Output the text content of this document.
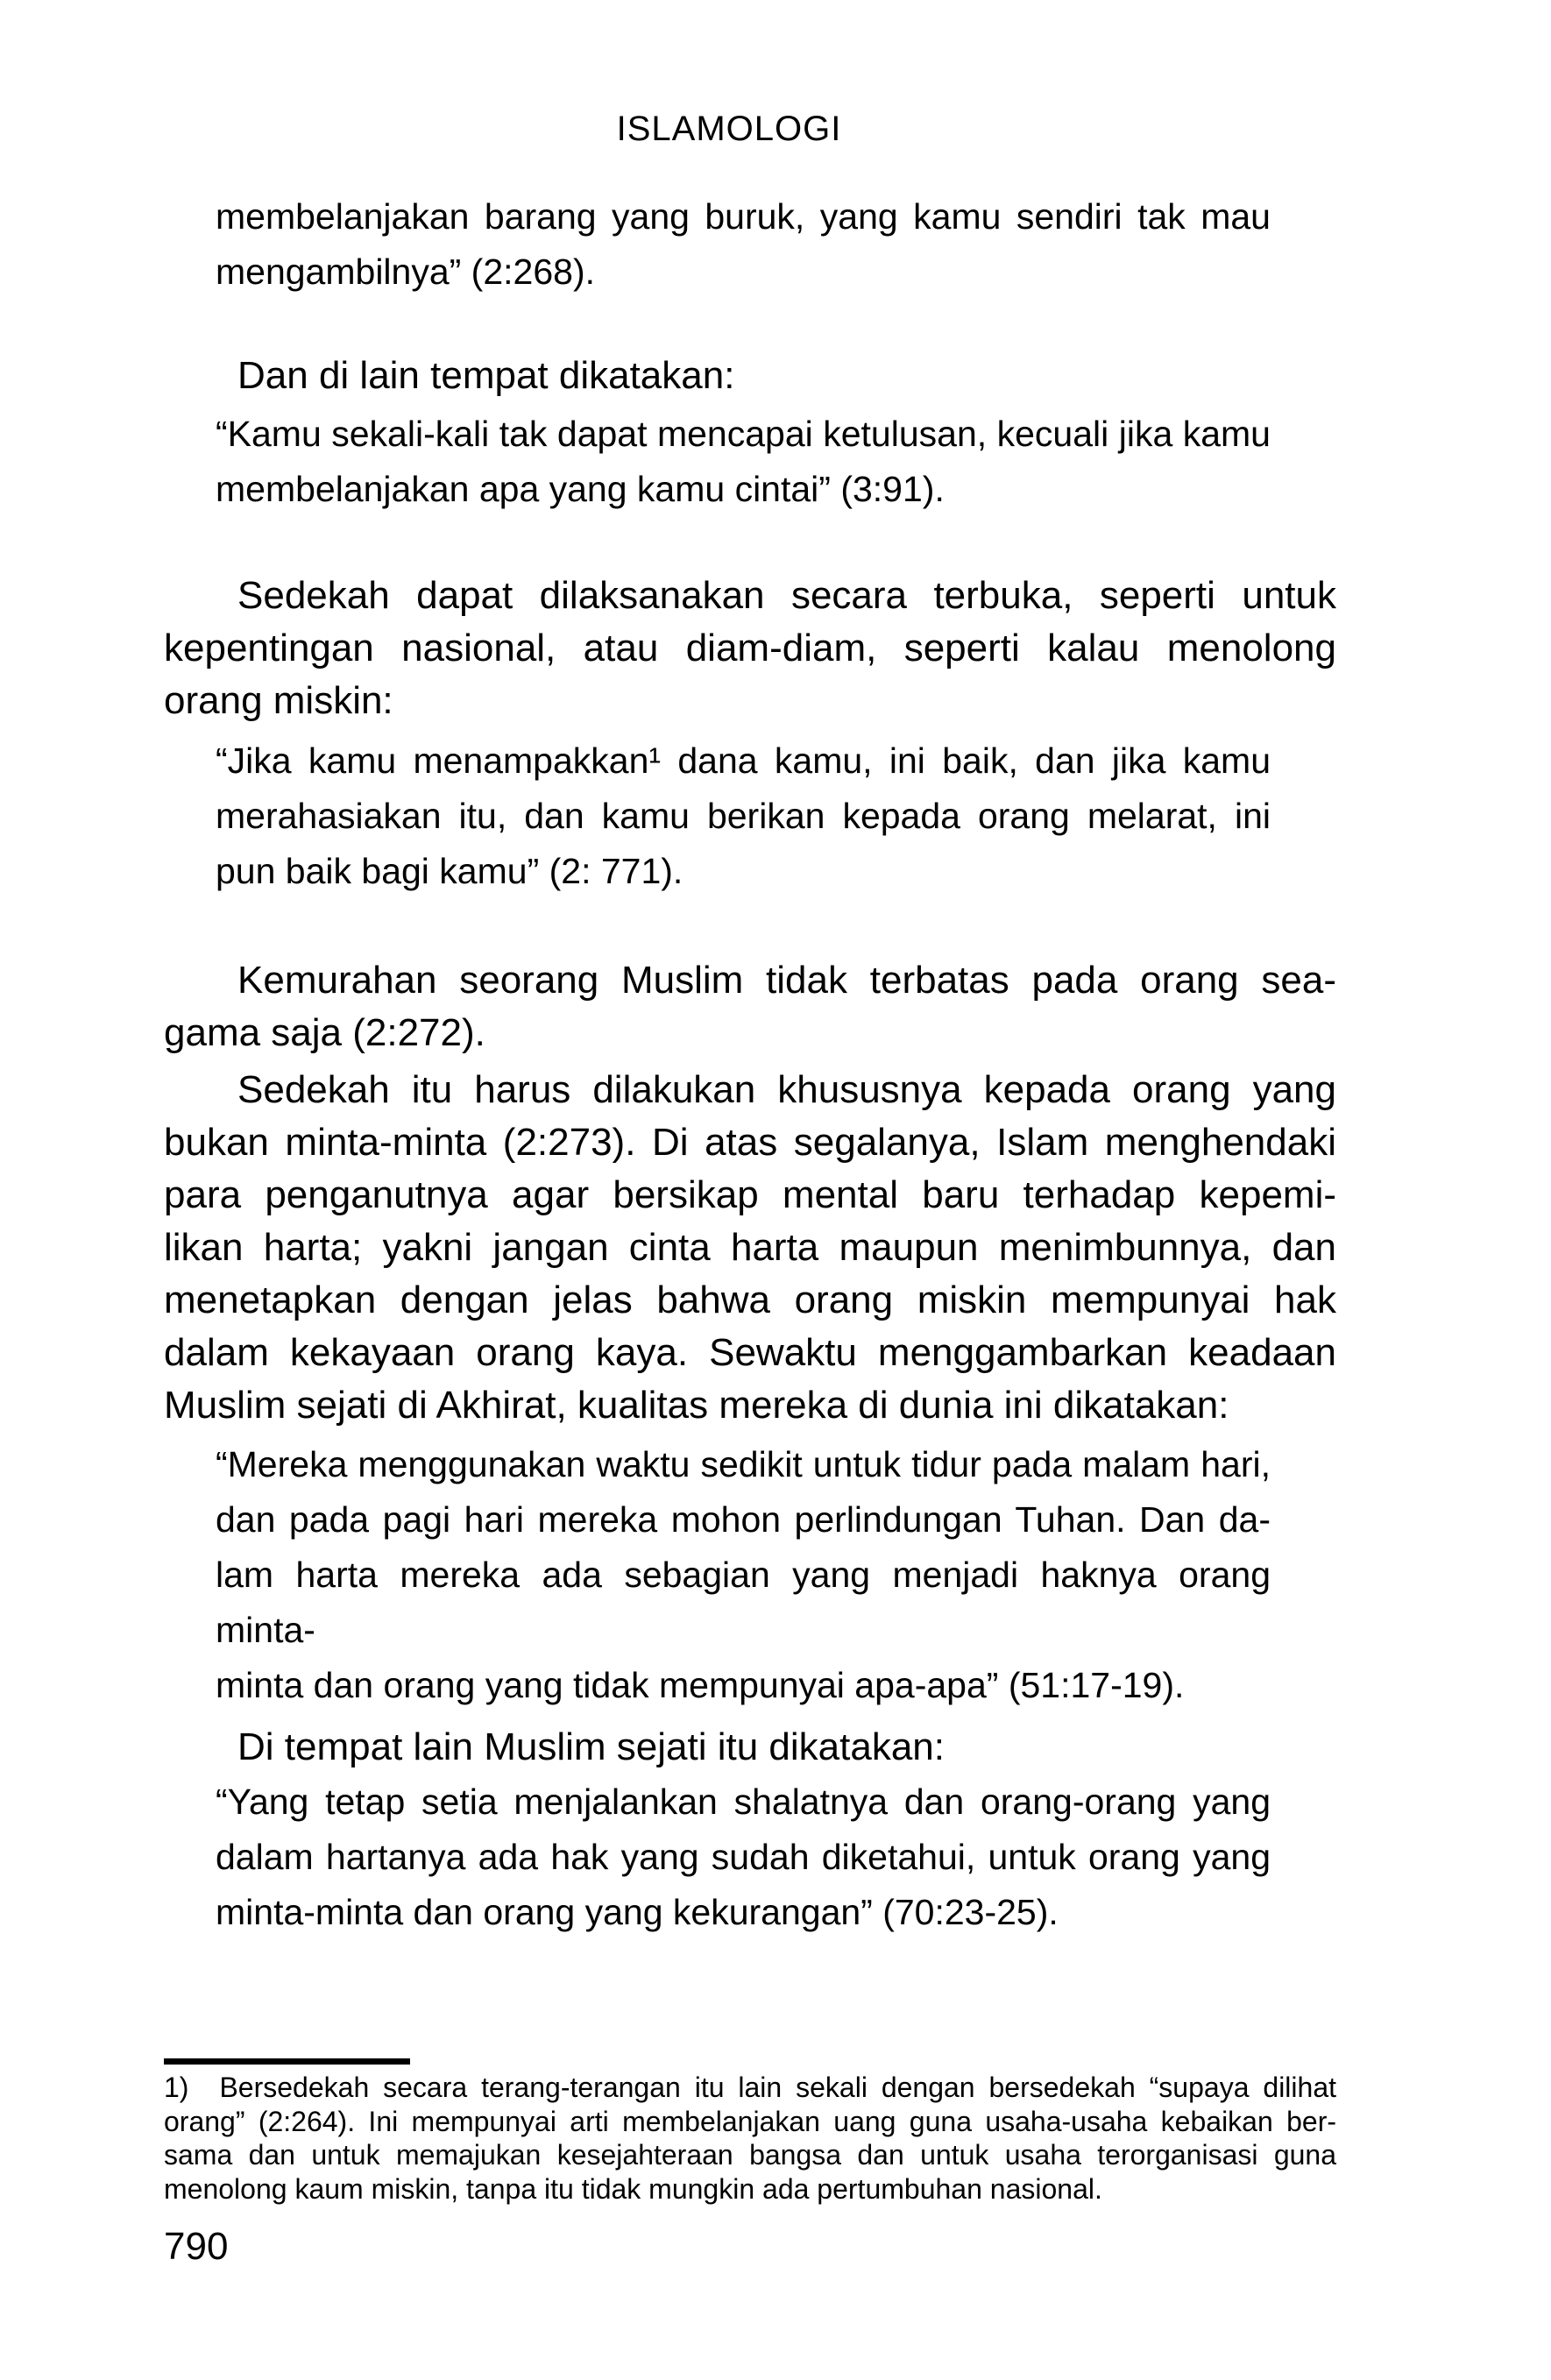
ISLAMOLOGI
membelanjakan barang yang buruk, yang kamu sendiri tak mau
mengambilnya” (2:268).
Dan di lain tempat dikatakan:
“Kamu sekali-kali tak dapat mencapai ketulusan, kecuali jika kamu
membelanjakan apa yang kamu cintai” (3:91).
Sedekah dapat dilaksanakan secara terbuka, seperti untuk
kepentingan nasional, atau diam-diam, seperti kalau menolong
orang miskin:
“Jika kamu menampakkan¹ dana kamu, ini baik, dan jika kamu
merahasiakan itu, dan kamu berikan kepada orang melarat, ini
pun baik bagi kamu” (2: 771).
Kemurahan seorang Muslim tidak terbatas pada orang sea-
gama saja (2:272).
Sedekah itu harus dilakukan khususnya kepada orang yang
bukan minta-minta (2:273). Di atas segalanya, Islam menghendaki
para penganutnya agar bersikap mental baru terhadap kepemi-
likan harta; yakni jangan cinta harta maupun menimbunnya, dan
menetapkan dengan jelas bahwa orang miskin mempunyai hak
dalam kekayaan orang kaya. Sewaktu menggambarkan keadaan
Muslim sejati di Akhirat, kualitas mereka di dunia ini dikatakan:
“Mereka menggunakan waktu sedikit untuk tidur pada malam hari,
dan pada pagi hari mereka mohon perlindungan Tuhan. Dan da-
lam harta mereka ada sebagian yang menjadi haknya orang minta-
minta dan orang yang tidak mempunyai apa-apa” (51:17-19).
Di tempat lain Muslim sejati itu dikatakan:
“Yang tetap setia menjalankan shalatnya dan orang-orang yang
dalam hartanya ada hak yang sudah diketahui, untuk orang yang
minta-minta dan orang yang kekurangan” (70:23-25).
1) Bersedekah secara terang-terangan itu lain sekali dengan bersedekah “supaya dilihat
orang” (2:264). Ini mempunyai arti membelanjakan uang guna usaha-usaha kebaikan ber-
sama dan untuk memajukan kesejahteraan bangsa dan untuk usaha terorganisasi guna
menolong kaum miskin, tanpa itu tidak mungkin ada pertumbuhan nasional.
790
